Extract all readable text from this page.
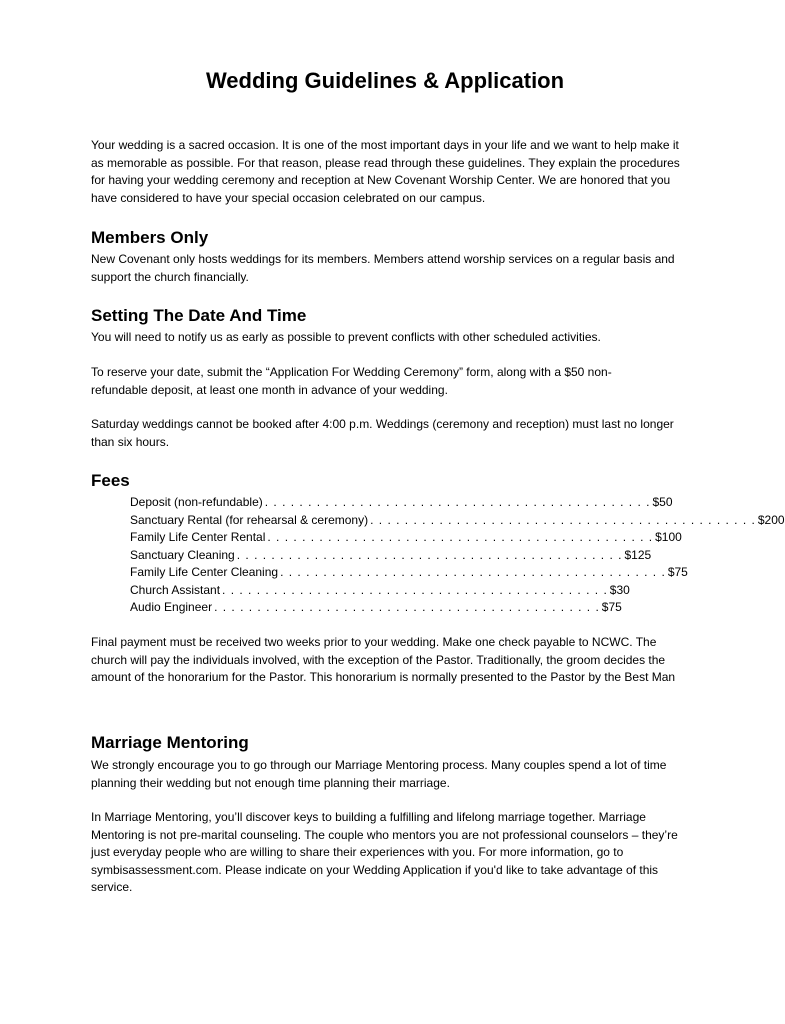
Wedding Guidelines & Application

Your wedding is a sacred occasion. It is one of the most important days in your life and we want to help make it as memorable as possible. For that reason, please read through these guidelines. They explain the procedures for having your wedding ceremony and reception at New Covenant Worship Center. We are honored that you have considered to have your special occasion celebrated on our campus.

Members Only

New Covenant only hosts weddings for its members. Members attend worship services on a regular basis and support the church financially.

Setting The Date And Time

You will need to notify us as early as possible to prevent conflicts with other scheduled activities.

To reserve your date, submit the “Application For Wedding Ceremony” form, along with a $50 non-refundable deposit, at least one month in advance of your wedding.

Saturday weddings cannot be booked after 4:00 p.m. Weddings (ceremony and reception) must last no longer than six hours.

Fees
Deposit (non-refundable) . . . . . . . . . . . . . . . . . . . . . . . . . . . . . . . . . . . . . . . . . . . . . $50
Sanctuary Rental (for rehearsal & ceremony) . . . . . . . . . . . . . . . . . . . . . . . . . . . . . . . . . . . . . . . . . . . . . $200
Family Life Center Rental . . . . . . . . . . . . . . . . . . . . . . . . . . . . . . . . . . . . . . . . . . . . . $100
Sanctuary Cleaning . . . . . . . . . . . . . . . . . . . . . . . . . . . . . . . . . . . . . . . . . . . . . $125
Family Life Center Cleaning . . . . . . . . . . . . . . . . . . . . . . . . . . . . . . . . . . . . . . . . . . . . . $75
Church Assistant . . . . . . . . . . . . . . . . . . . . . . . . . . . . . . . . . . . . . . . . . . . . . $30
Audio Engineer . . . . . . . . . . . . . . . . . . . . . . . . . . . . . . . . . . . . . . . . . . . . . $75

Final payment must be received two weeks prior to your wedding. Make one check payable to NCWC. The church will pay the individuals involved, with the exception of the Pastor. Traditionally, the groom decides the amount of the honorarium for the Pastor. This honorarium is normally presented to the Pastor by the Best Man

Marriage Mentoring

We strongly encourage you to go through our Marriage Mentoring process. Many couples spend a lot of time planning their wedding but not enough time planning their marriage.

In Marriage Mentoring, you’ll discover keys to building a fulfilling and lifelong marriage together. Marriage Mentoring is not pre-marital counseling. The couple who mentors you are not professional counselors – they’re just everyday people who are willing to share their experiences with you. For more information, go to symbisassessment.com. Please indicate on your Wedding Application if you'd like to take advantage of this service.
